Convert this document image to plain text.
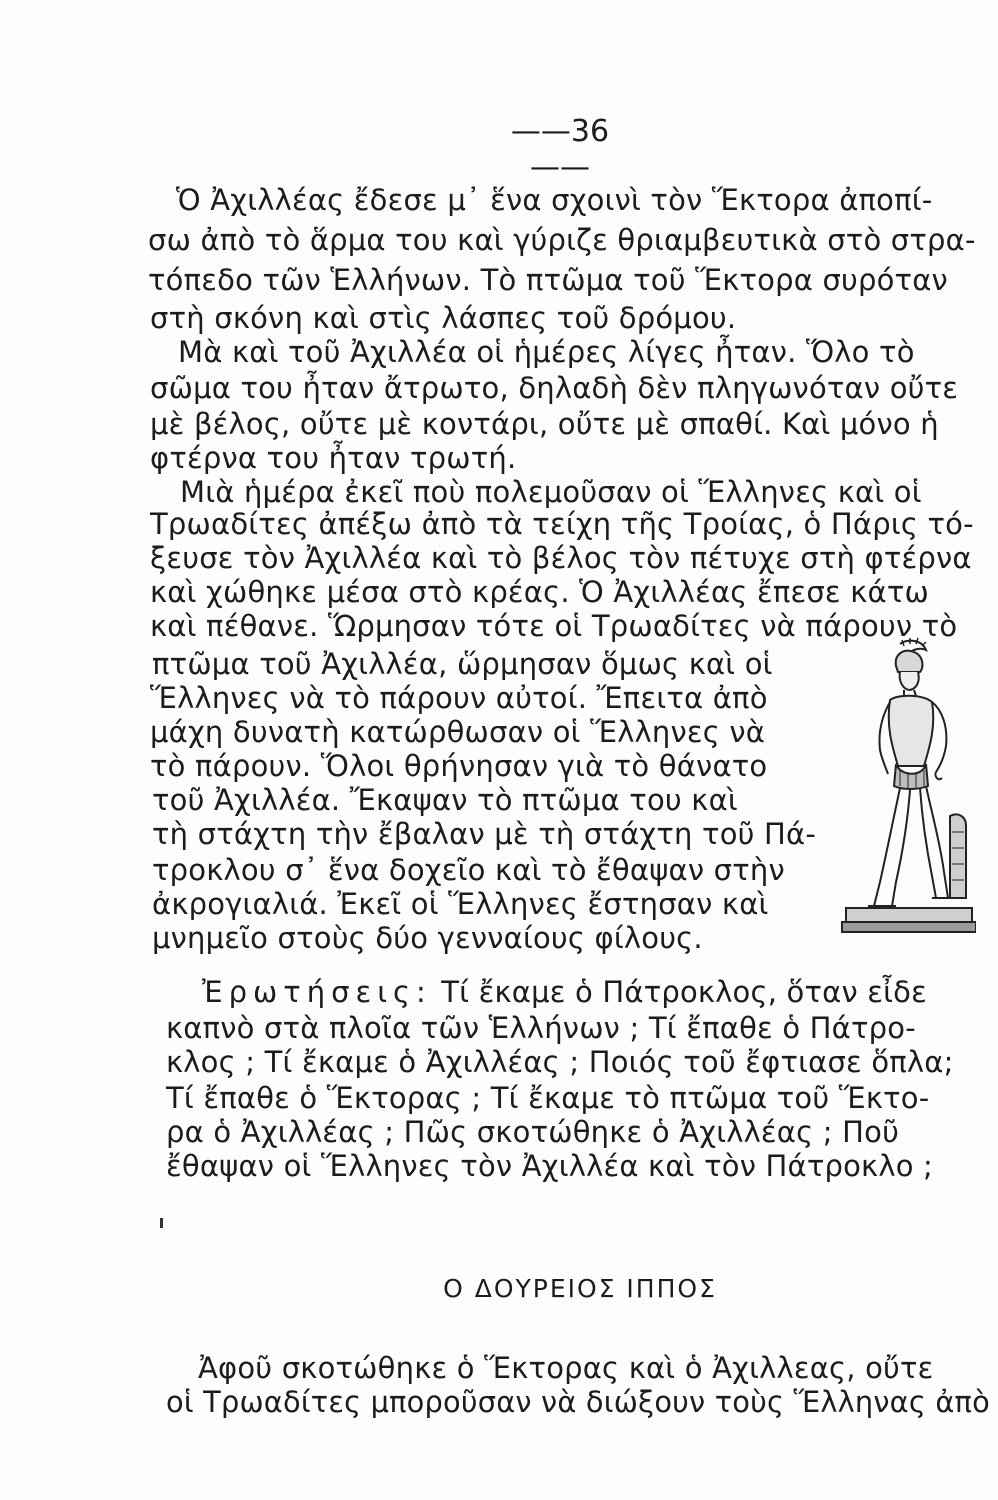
——36——
Ὁ Ἀχιλλέας ἔδεσε μ᾿ ἕνα σχοινὶ τὸν Ἕκτορα ἀποπί-
σω ἀπὸ τὸ ἅρμα του καὶ γύριζε θριαμβευτικὰ στὸ στρα-
τόπεδο τῶν Ἑλλήνων. Τὸ πτῶμα τοῦ Ἕκτορα συρόταν
στὴ σκόνη καὶ στὶς λάσπες τοῦ δρόμου.
Μὰ καὶ τοῦ Ἀχιλλέα οἱ ἡμέρες λίγες ἦταν. Ὅλο τὸ
σῶμα του ἦταν ἄτρωτο, δηλαδὴ δὲν πληγωνόταν οὔτε
μὲ βέλος, οὔτε μὲ κοντάρι, οὔτε μὲ σπαθί. Καὶ μόνο ἡ
φτέρνα του ἦταν τρωτή.
Μιὰ ἡμέρα ἐκεῖ ποὺ πολεμοῦσαν οἱ Ἕλληνες καὶ οἱ
Τρωαδίτες ἀπέξω ἀπὸ τὰ τείχη τῆς Τροίας, ὁ Πάρις τό-
ξευσε τὸν Ἀχιλλέα καὶ τὸ βέλος τὸν πέτυχε στὴ φτέρνα
καὶ χώθηκε μέσα στὸ κρέας. Ὁ Ἀχιλλέας ἔπεσε κάτω
καὶ πέθανε. Ὥρμησαν τότε οἱ Τρωαδίτες νὰ πάρουν τὸ
πτῶμα τοῦ Ἀχιλλέα, ὥρμησαν ὅμως καὶ οἱ
Ἕλληνες νὰ τὸ πάρουν αὐτοί. Ἔπειτα ἀπὸ
μάχη δυνατὴ κατώρθωσαν οἱ Ἕλληνες νὰ
τὸ πάρουν. Ὅλοι θρήνησαν γιὰ τὸ θάνατο
τοῦ Ἀχιλλέα. Ἔκαψαν τὸ πτῶμα του καὶ
τὴ στάχτη τὴν ἔβαλαν μὲ τὴ στάχτη τοῦ Πά-
τροκλου σ᾿ ἕνα δοχεῖο καὶ τὸ ἔθαψαν στὴν
ἀκρογιαλιά. Ἐκεῖ οἱ Ἕλληνες ἔστησαν καὶ
μνημεῖο στοὺς δύο γενναίους φίλους.
Ἐρωτήσεις: Τί ἔκαμε ὁ Πάτροκλος, ὅταν εἶδε
καπνὸ στὰ πλοῖα τῶν Ἑλλήνων ; Τί ἔπαθε ὁ Πάτρο-
κλος ; Τί ἔκαμε ὁ Ἀχιλλέας ; Ποιός τοῦ ἔφτιασε ὅπλα;
Τί ἔπαθε ὁ Ἕκτορας ; Τί ἔκαμε τὸ πτῶμα τοῦ Ἕκτο-
ρα ὁ Ἀχιλλέας ; Πῶς σκοτώθηκε ὁ Ἀχιλλέας ; Ποῦ
ἔθαψαν οἱ Ἕλληνες τὸν Ἀχιλλέα καὶ τὸν Πάτροκλο ;
Ο ΔΟΥΡΕΙΟΣ ΙΠΠΟΣ
Ἀφοῦ σκοτώθηκε ὁ Ἕκτορας καὶ ὁ Ἀχιλλεας, οὔτε
οἱ Τρωαδίτες μποροῦσαν νὰ διώξουν τοὺς Ἕλληνας ἀπὸ
